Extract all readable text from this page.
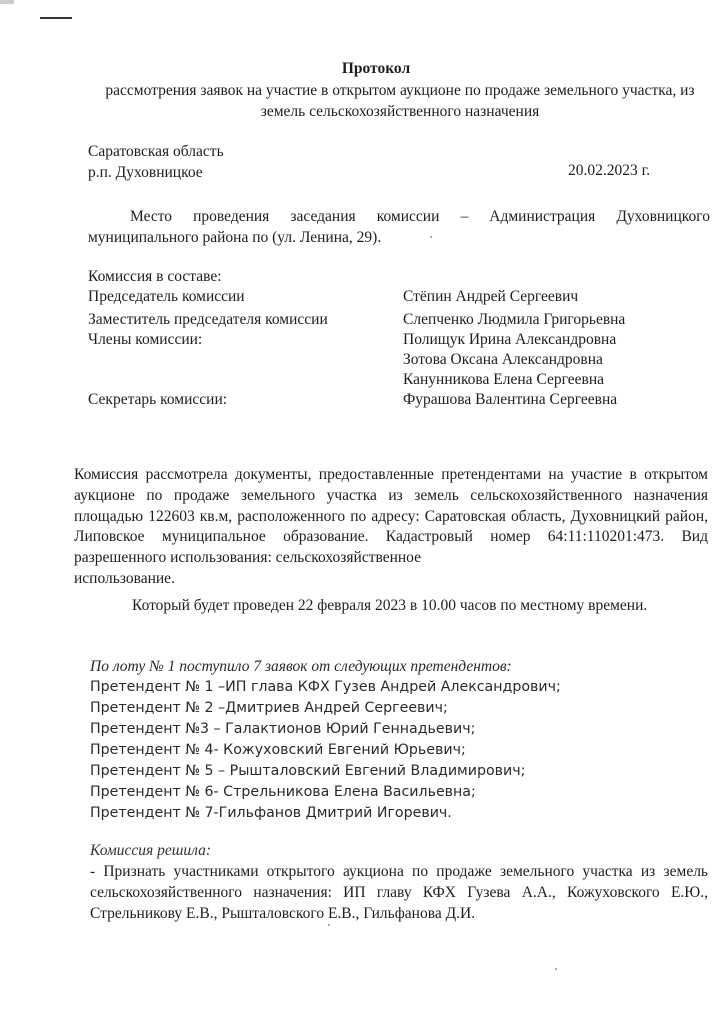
Протокол
рассмотрения заявок на участие в открытом аукционе по продаже земельного участка, из земель сельскохозяйственного назначения
Саратовская область
р.п. Духовницкое	20.02.2023 г.
Место проведения заседания комиссии – Администрация Духовницкого муниципального района по (ул. Ленина, 29).
Комиссия в составе:
Председатель комиссии	Стёпин Андрей Сергеевич
Заместитель председателя комиссии	Слепченко Людмила Григорьевна
Члены комиссии:	Полищук Ирина Александровна
Зотова Оксана Александровна
Канунникова Елена Сергеевна
Секретарь комиссии:	Фурашова Валентина Сергеевна
Комиссия рассмотрела документы, предоставленные претендентами на участие в открытом аукционе по продаже земельного участка из земель сельскохозяйственного назначения площадью 122603 кв.м, расположенного по адресу: Саратовская область, Духовницкий район, Липовское муниципальное образование. Кадастровый номер 64:11:110201:473. Вид разрешенного использования: сельскохозяйственное
использование.
Который будет проведен 22 февраля 2023 в 10.00 часов по местному времени.
По лоту № 1 поступило 7 заявок от следующих претендентов:
Претендент № 1 –ИП глава КФХ Гузев Андрей Александрович;
Претендент № 2 –Дмитриев Андрей Сергеевич;
Претендент №3 – Галактионов Юрий Геннадьевич;
Претендент № 4- Кожуховский Евгений Юрьевич;
Претендент № 5 – Рышталовский Евгений Владимирович;
Претендент № 6- Стрельникова Елена Васильевна;
Претендент № 7-Гильфанов Дмитрий Игоревич.
Комиссия решила:
- Признать участниками открытого аукциона по продаже земельного участка из земель сельскохозяйственного назначения: ИП главу КФХ Гузева А.А., Кожуховского Е.Ю., Стрельникову Е.В., Рышталовского Е.В., Гильфанова Д.И.
